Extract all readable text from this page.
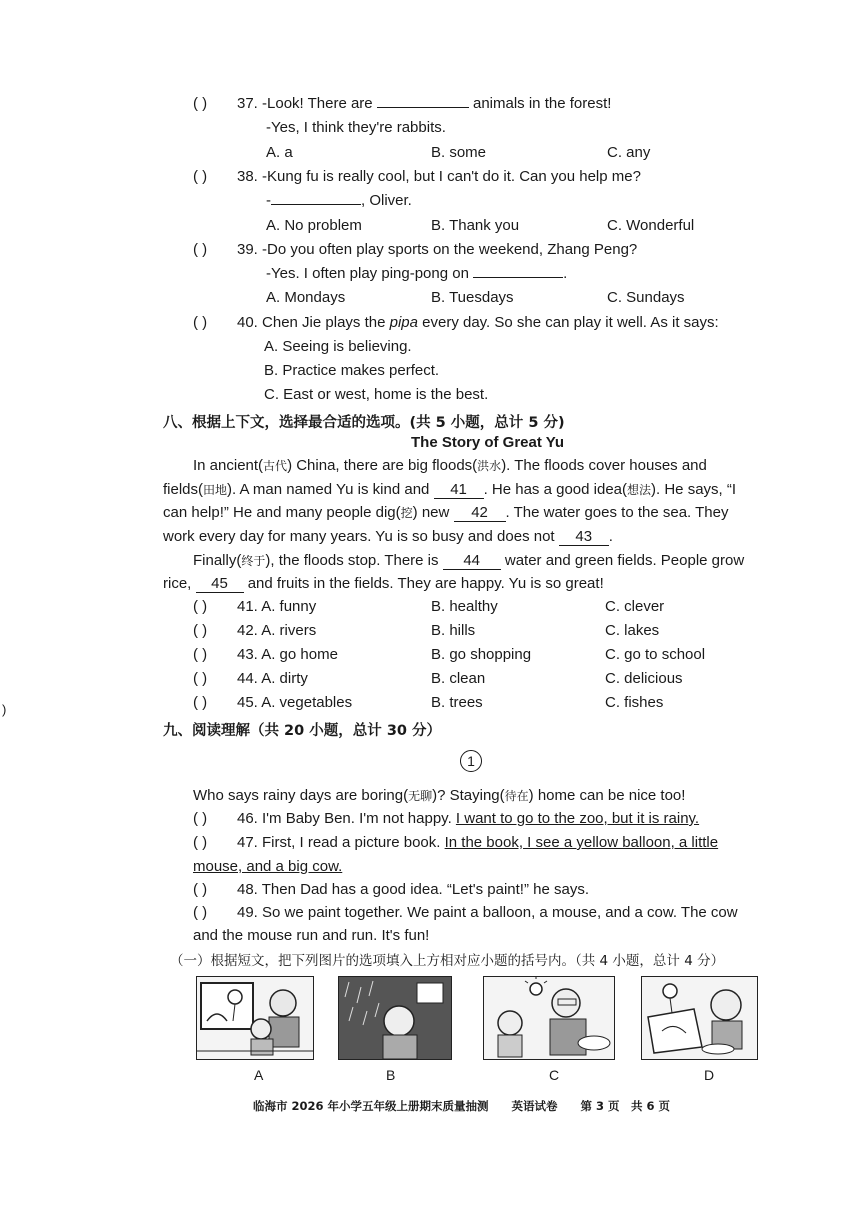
( ) 37. -Look! There are	animals in the forest!
-Yes, I think they're rabbits.
A. a	B. some	C. any
( ) 38. -Kung fu is really cool, but I can't do it. Can you help me?
-	, Oliver.
A. No problem	B. Thank you	C. Wonderful
( ) 39. -Do you often play sports on the weekend, Zhang Peng?
-Yes. I often play ping-pong on	.
A. Mondays	B. Tuesdays	C. Sundays
( ) 40. Chen Jie plays the pipa every day. So she can play it well. As it says:
A. Seeing is believing.
B. Practice makes perfect.
C. East or west, home is the best.
八、根据上下文，选择最合适的选项。(共 5 小题，总计 5 分)
The Story of Great Yu
In ancient(古代) China, there are big floods(洪水). The floods cover houses and
fields(田地). A man named Yu is kind and 41 . He has a good idea(想法). He says, “I
can help!” He and many people dig(挖) new 42 . The water goes to the sea. They
work every day for many years. Yu is so busy and does not 43 .
Finally(终于), the floods stop. There is 44 water and green fields. People grow
rice, 45 and fruits in the fields. They are happy. Yu is so great!
( ) 41. A. funny	B. healthy	C. clever
( ) 42. A. rivers	B. hills	C. lakes
( ) 43. A. go home	B. go shopping	C. go to school
( ) 44. A. dirty	B. clean	C. delicious
( ) 45. A. vegetables	B. trees	C. fishes
)
九、阅读理解（共 20 小题，总计 30 分）
1
Who says rainy days are boring(无聊)? Staying(待在) home can be nice too!
( ) 46. I'm Baby Ben. I'm not happy. I want to go to the zoo, but it is rainy.
( ) 47. First, I read a picture book. In the book, I see a yellow balloon, a little
mouse, and a big cow.
( ) 48. Then Dad has a good idea. “Let's paint!” he says.
( ) 49. So we paint together. We paint a balloon, a mouse, and a cow. The cow
and the mouse run and run. It's fun!
（一）根据短文，把下列图片的选项填入上方相对应小题的括号内。（共 4 小题，总计 4 分）
A	B	C	D
临海市 2026 年小学五年级上册期末质量抽测　　英语试卷　　第 3 页　共 6 页
